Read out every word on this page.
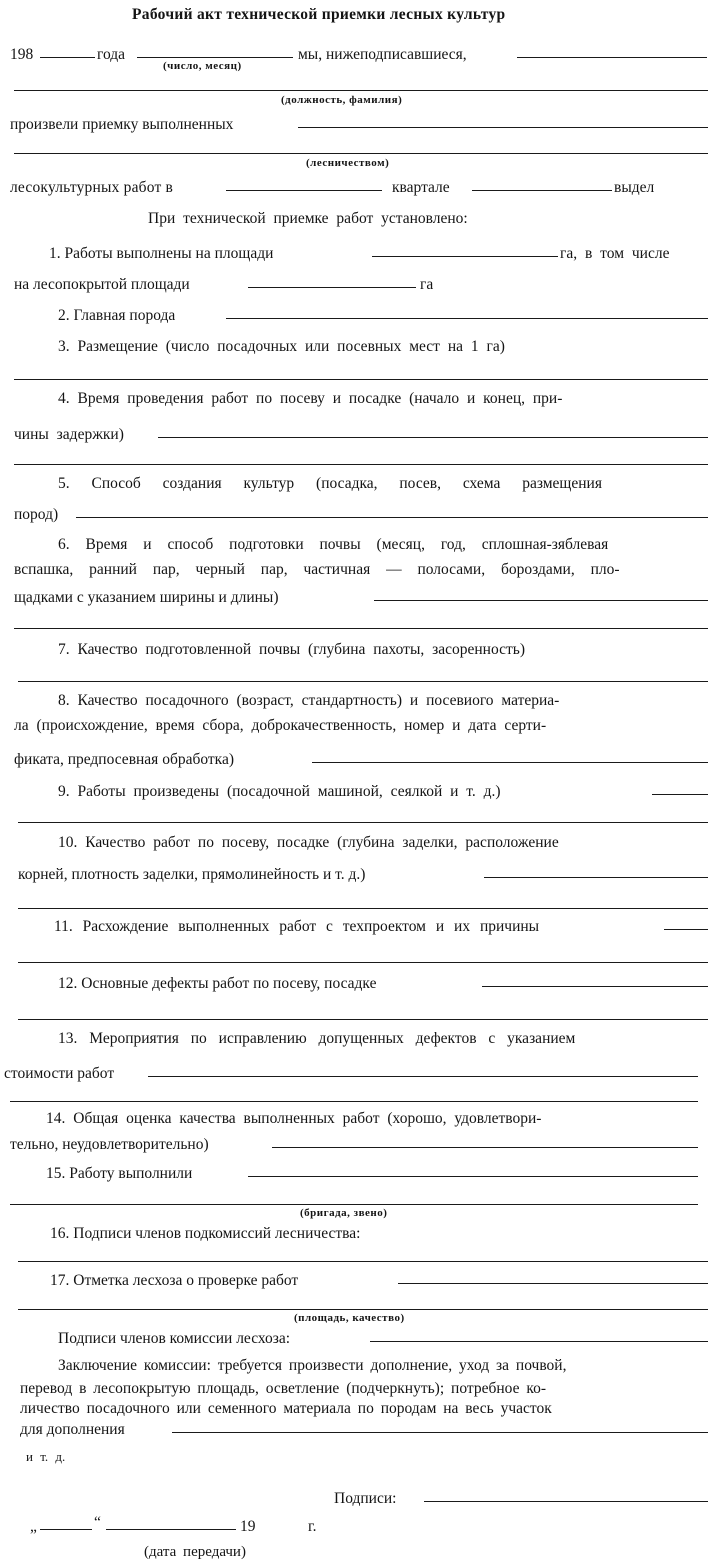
Рабочий акт технической приемки лесных культур
198	года
(число, месяц)
мы, нижеподписавшиеся,
(должность, фамилия)
произвели приемку выполненных
(лесничеством)
лесокультурных работ в	квартале	выдел
При технической приемке работ установлено:
1. Работы выполнены на площади	га, в том числе
на лесопокрытой площади	га
2. Главная порода
3. Размещение (число посадочных или посевных мест на 1 га)
4. Время проведения работ по посеву и посадке (начало и конец, при-
чины задержки)
5. Способ создания культур (посадка, посев, схема размещения
пород)
6. Время и способ подготовки почвы (месяц, год, сплошная-зяблевая
вспашка, ранний пар, черный пар, частичная — полосами, бороздами, пло-
щадками с указанием ширины и длины)
7. Качество подготовленной почвы (глубина пахоты, засоренность)
8. Качество посадочного (возраст, стандартность) и посевиого материа-
ла (происхождение, время сбора, доброкачественность, номер и дата серти-
фиката, предпосевная обработка)
9. Работы произведены (посадочной машиной, сеялкой и т. д.)
10. Качество работ по посеву, посадке (глубина заделки, расположение
корней, плотность заделки, прямолинейность и т. д.)
11. Расхождение выполненных работ с техпроектом и их причины
12. Основные дефекты работ по посеву, посадке
13. Мероприятия по исправлению допущенных дефектов с указанием
стоимости работ
14. Общая оценка качества выполненных работ (хорошо, удовлетвори-
тельно, неудовлетворительно)
15. Работу выполнили
(бригада, звено)
16. Подписи членов подкомиссий лесничества:
17. Отметка лесхоза о проверке работ
(площадь, качество)
Подписи членов комиссии лесхоза:
Заключение комиссии: требуется произвести дополнение, уход за почвой,
перевод в лесопокрытую площадь, осветление (подчеркнуть); потребное ко-
личество посадочного или семенного материала по породам на весь участок
для дополнения
и т. д.
Подписи:
„	“	19	г.
(дата передачи)
